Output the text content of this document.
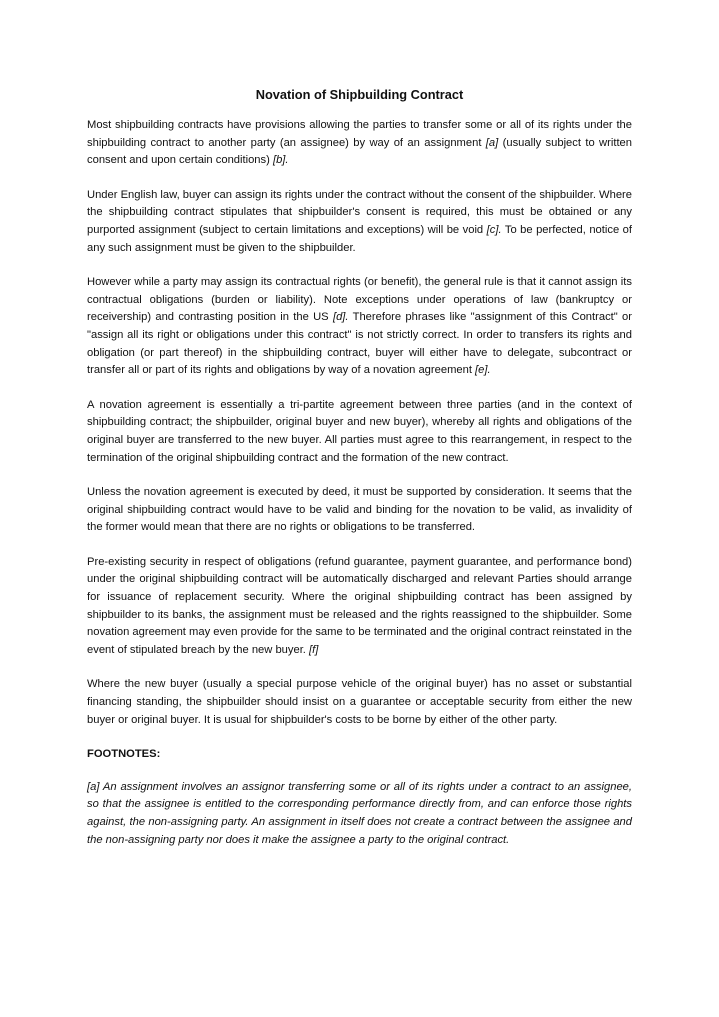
Novation of Shipbuilding Contract

Most shipbuilding contracts have provisions allowing the parties to transfer some or all of its rights under the shipbuilding contract to another party (an assignee) by way of an assignment [a] (usually subject to written consent and upon certain conditions) [b].

Under English law, buyer can assign its rights under the contract without the consent of the shipbuilder. Where the shipbuilding contract stipulates that shipbuilder's consent is required, this must be obtained or any purported assignment (subject to certain limitations and exceptions) will be void [c]. To be perfected, notice of any such assignment must be given to the shipbuilder.

However while a party may assign its contractual rights (or benefit), the general rule is that it cannot assign its contractual obligations (burden or liability). Note exceptions under operations of law (bankruptcy or receivership) and contrasting position in the US [d]. Therefore phrases like "assignment of this Contract" or "assign all its right or obligations under this contract" is not strictly correct. In order to transfers its rights and obligation (or part thereof) in the shipbuilding contract, buyer will either have to delegate, subcontract or transfer all or part of its rights and obligations by way of a novation agreement [e].

A novation agreement is essentially a tri-partite agreement between three parties (and in the context of shipbuilding contract; the shipbuilder, original buyer and new buyer), whereby all rights and obligations of the original buyer are transferred to the new buyer. All parties must agree to this rearrangement, in respect to the termination of the original shipbuilding contract and the formation of the new contract.

Unless the novation agreement is executed by deed, it must be supported by consideration. It seems that the original shipbuilding contract would have to be valid and binding for the novation to be valid, as invalidity of the former would mean that there are no rights or obligations to be transferred.

Pre-existing security in respect of obligations (refund guarantee, payment guarantee, and performance bond) under the original shipbuilding contract will be automatically discharged and relevant Parties should arrange for issuance of replacement security. Where the original shipbuilding contract has been assigned by shipbuilder to its banks, the assignment must be released and the rights reassigned to the shipbuilder. Some novation agreement may even provide for the same to be terminated and the original contract reinstated in the event of stipulated breach by the new buyer. [f]

Where the new buyer (usually a special purpose vehicle of the original buyer) has no asset or substantial financing standing, the shipbuilder should insist on a guarantee or acceptable security from either the new buyer or original buyer. It is usual for shipbuilder's costs to be borne by either of the other party.

FOOTNOTES:

[a] An assignment involves an assignor transferring some or all of its rights under a contract to an assignee, so that the assignee is entitled to the corresponding performance directly from, and can enforce those rights against, the non-assigning party. An assignment in itself does not create a contract between the assignee and the non-assigning party nor does it make the assignee a party to the original contract.
